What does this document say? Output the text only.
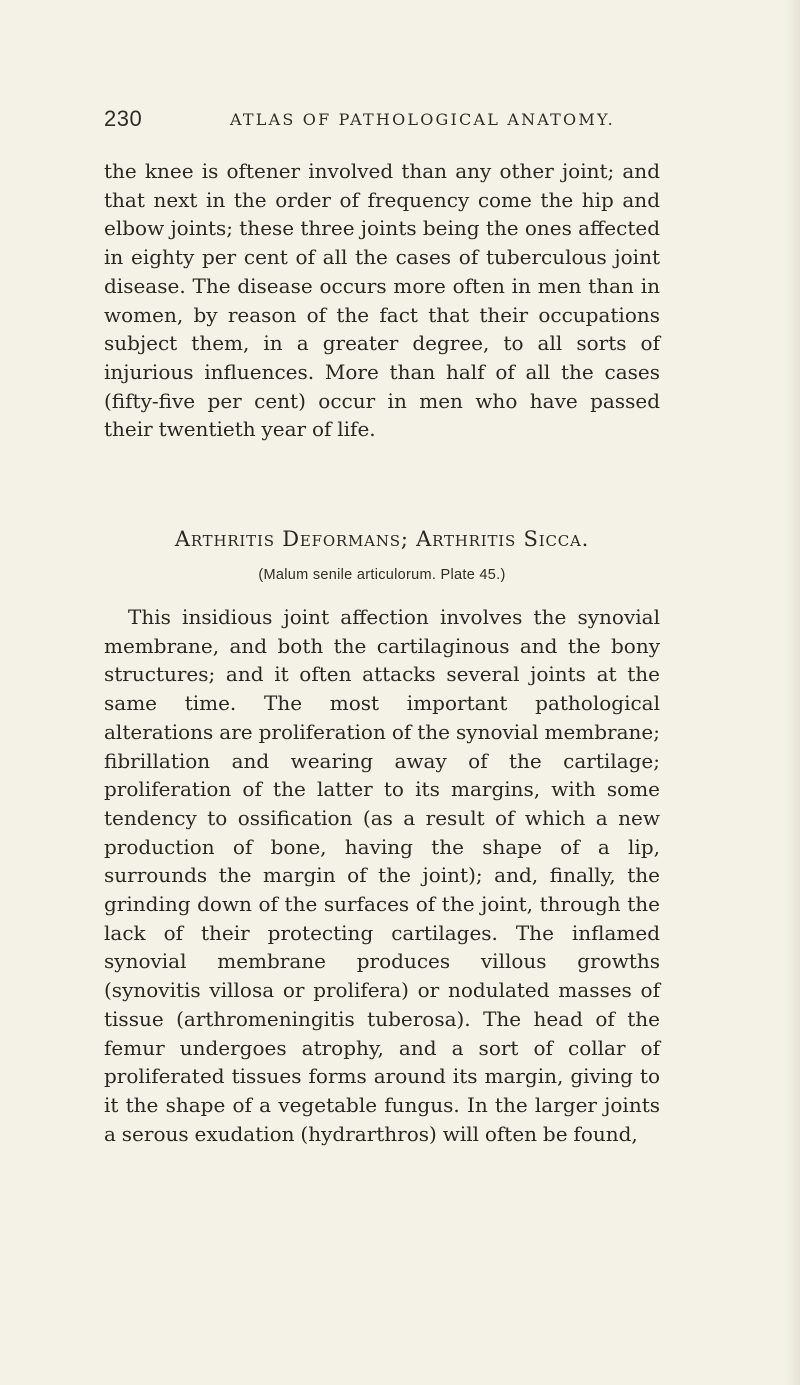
230	ATLAS OF PATHOLOGICAL ANATOMY.

the knee is oftener involved than any other joint; and that next in the order of frequency come the hip and elbow joints; these three joints being the ones affected in eighty per cent of all the cases of tuberculous joint disease. The disease occurs more often in men than in women, by reason of the fact that their occupations subject them, in a greater degree, to all sorts of injurious influences. More than half of all the cases (fifty-five per cent) occur in men who have passed their twentieth year of life.

Arthritis Deformans; Arthritis Sicca.
(Malum senile articulorum. Plate 45.)

This insidious joint affection involves the synovial membrane, and both the cartilaginous and the bony structures; and it often attacks several joints at the same time. The most important pathological alterations are proliferation of the synovial membrane; fibrillation and wearing away of the cartilage; proliferation of the latter to its margins, with some tendency to ossification (as a result of which a new production of bone, having the shape of a lip, surrounds the margin of the joint); and, finally, the grinding down of the surfaces of the joint, through the lack of their protecting cartilages. The inflamed synovial membrane produces villous growths (synovitis villosa or prolifera) or nodulated masses of tissue (arthromeningitis tuberosa). The head of the femur undergoes atrophy, and a sort of collar of proliferated tissues forms around its margin, giving to it the shape of a vegetable fungus. In the larger joints a serous exudation (hydrarthros) will often be found,
